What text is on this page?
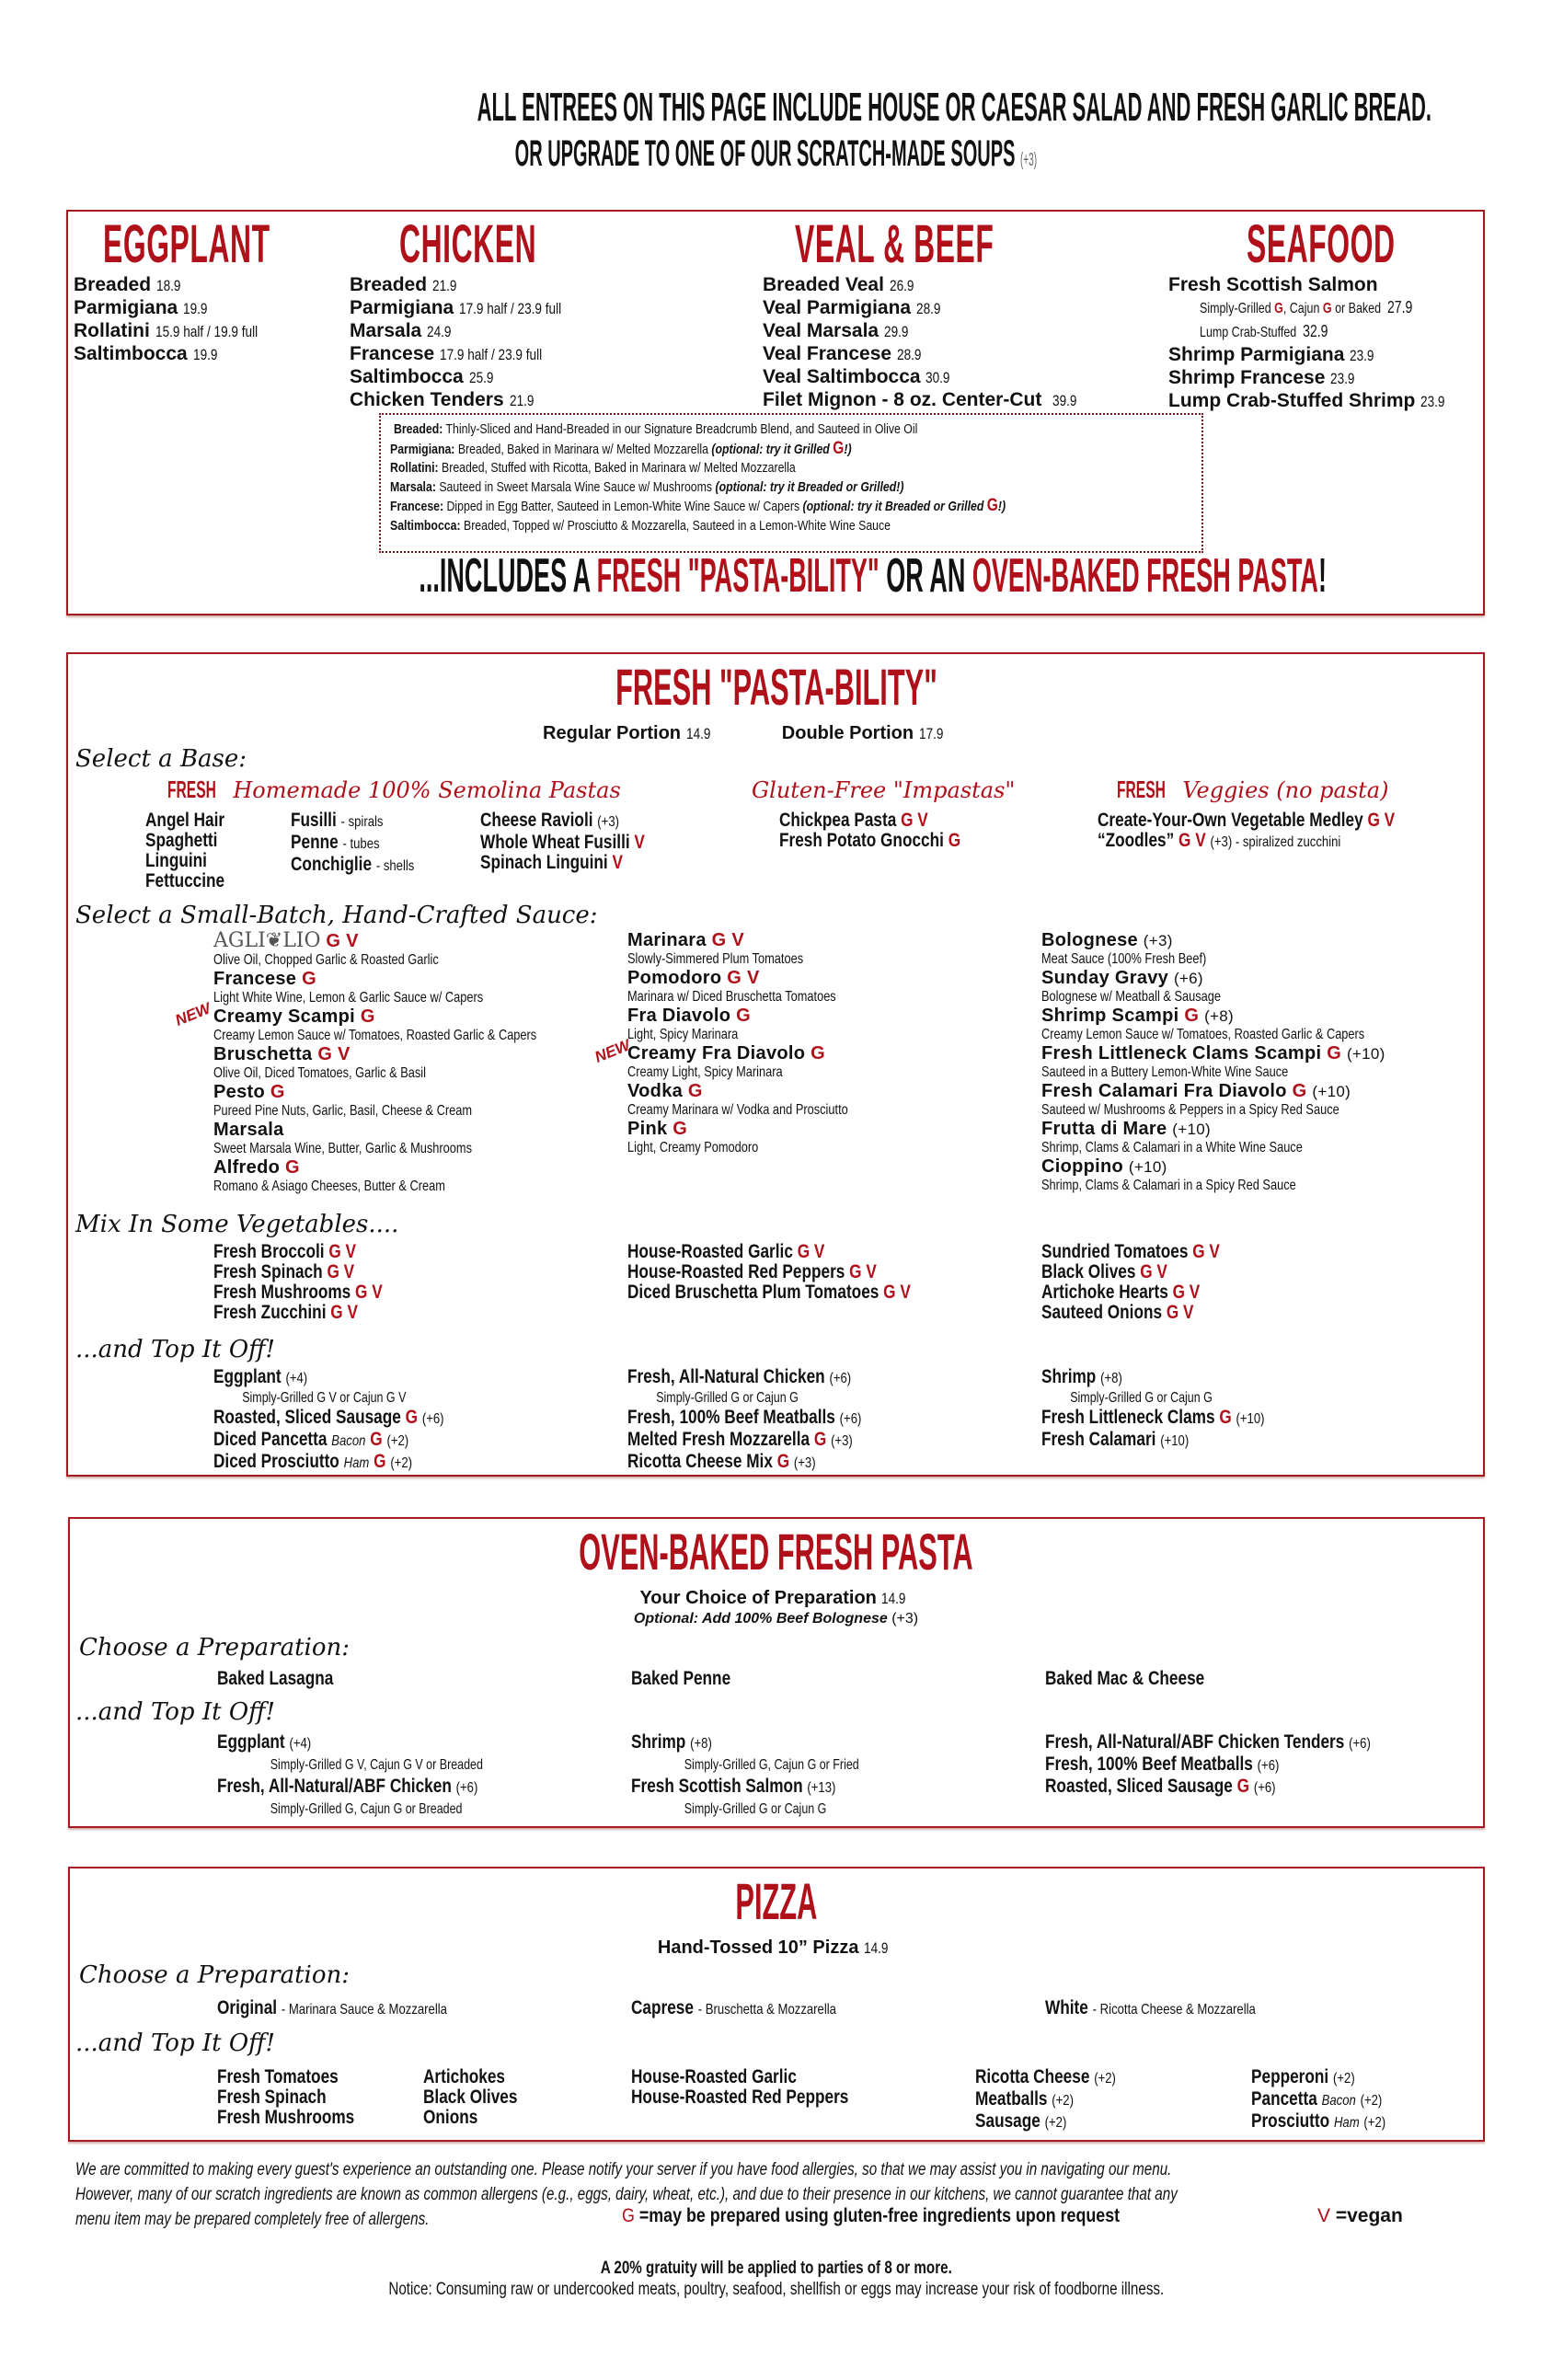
ALL ENTREES ON THIS PAGE INCLUDE HOUSE OR CAESAR SALAD AND FRESH GARLIC BREAD.
OR UPGRADE TO ONE OF OUR SCRATCH-MADE SOUPS (+3)
EGGPLANT	CHICKEN	VEAL & BEEF	SEAFOOD
Breaded 18.9
Parmigiana 19.9
Rollatini 15.9 half / 19.9 full
Saltimbocca 19.9
Breaded 21.9
Parmigiana 17.9 half / 23.9 full
Marsala 24.9
Francese 17.9 half / 23.9 full
Saltimbocca 25.9
Chicken Tenders 21.9
Breaded Veal 26.9
Veal Parmigiana 28.9
Veal Marsala 29.9
Veal Francese 28.9
Veal Saltimbocca 30.9
Filet Mignon - 8 oz. Center-Cut 39.9
Fresh Scottish Salmon
Simply-Grilled G, Cajun G or Baked 27.9
Lump Crab-Stuffed 32.9
Shrimp Parmigiana 23.9
Shrimp Francese 23.9
Lump Crab-Stuffed Shrimp 23.9
Breaded: Thinly-Sliced and Hand-Breaded in our Signature Breadcrumb Blend, and Sauteed in Olive Oil
Parmigiana: Breaded, Baked in Marinara w/ Melted Mozzarella (optional: try it Grilled G!)
Rollatini: Breaded, Stuffed with Ricotta, Baked in Marinara w/ Melted Mozzarella
Marsala: Sauteed in Sweet Marsala Wine Sauce w/ Mushrooms (optional: try it Breaded or Grilled!)
Francese: Dipped in Egg Batter, Sauteed in Lemon-White Wine Sauce w/ Capers (optional: try it Breaded or Grilled G!)
Saltimbocca: Breaded, Topped w/ Prosciutto & Mozzarella, Sauteed in a Lemon-White Wine Sauce
...INCLUDES A FRESH "PASTA-BILITY" OR AN OVEN-BAKED FRESH PASTA!
FRESH "PASTA-BILITY"
Regular Portion 14.9	Double Portion 17.9
Select a Base:
FRESH Homemade 100% Semolina Pastas	Gluten-Free "Impastas"	FRESH Veggies (no pasta)
Angel Hair
Spaghetti
Linguini
Fettuccine
Fusilli - spirals
Penne - tubes
Conchiglie - shells
Cheese Ravioli (+3)
Whole Wheat Fusilli V
Spinach Linguini V
Chickpea Pasta G V
Fresh Potato Gnocchi G
Create-Your-Own Vegetable Medley G V
“Zoodles” G V (+3) - spiralized zucchini
Select a Small-Batch, Hand-Crafted Sauce:
AGLI❦LIO G V
Olive Oil, Chopped Garlic & Roasted Garlic
Francese G
Light White Wine, Lemon & Garlic Sauce w/ Capers
NEW Creamy Scampi G
Creamy Lemon Sauce w/ Tomatoes, Roasted Garlic & Capers
Bruschetta G V
Olive Oil, Diced Tomatoes, Garlic & Basil
Pesto G
Pureed Pine Nuts, Garlic, Basil, Cheese & Cream
Marsala
Sweet Marsala Wine, Butter, Garlic & Mushrooms
Alfredo G
Romano & Asiago Cheeses, Butter & Cream
Marinara G V
Slowly-Simmered Plum Tomatoes
Pomodoro G V
Marinara w/ Diced Bruschetta Tomatoes
Fra Diavolo G
Light, Spicy Marinara
NEW
Creamy Fra Diavolo G
Creamy Light, Spicy Marinara
Vodka G
Creamy Marinara w/ Vodka and Prosciutto
Pink G
Light, Creamy Pomodoro
Bolognese (+3)
Meat Sauce (100% Fresh Beef)
Sunday Gravy (+6)
Bolognese w/ Meatball & Sausage
Shrimp Scampi G (+8)
Creamy Lemon Sauce w/ Tomatoes, Roasted Garlic & Capers
Fresh Littleneck Clams Scampi G (+10)
Sauteed in a Buttery Lemon-White Wine Sauce
Fresh Calamari Fra Diavolo G (+10)
Sauteed w/ Mushrooms & Peppers in a Spicy Red Sauce
Frutta di Mare (+10)
Shrimp, Clams & Calamari in a White Wine Sauce
Cioppino (+10)
Shrimp, Clams & Calamari in a Spicy Red Sauce
Mix In Some Vegetables....
Fresh Broccoli G V
Fresh Spinach G V
Fresh Mushrooms G V
Fresh Zucchini G V
House-Roasted Garlic G V
House-Roasted Red Peppers G V
Diced Bruschetta Plum Tomatoes G V
Sundried Tomatoes G V
Black Olives G V
Artichoke Hearts G V
Sauteed Onions G V
...and Top It Off!
Eggplant (+4)
Simply-Grilled G V or Cajun G V
Roasted, Sliced Sausage G (+6)
Diced Pancetta Bacon G (+2)
Diced Prosciutto Ham G (+2)
Fresh, All-Natural Chicken (+6)
Simply-Grilled G or Cajun G
Fresh, 100% Beef Meatballs (+6)
Melted Fresh Mozzarella G (+3)
Ricotta Cheese Mix G (+3)
Shrimp (+8)
Simply-Grilled G or Cajun G
Fresh Littleneck Clams G (+10)
Fresh Calamari (+10)
OVEN-BAKED FRESH PASTA
Your Choice of Preparation 14.9
Optional: Add 100% Beef Bolognese (+3)
Choose a Preparation:
Baked Lasagna	Baked Penne	Baked Mac & Cheese
...and Top It Off!
Eggplant (+4)
Simply-Grilled G V, Cajun G V or Breaded
Fresh, All-Natural/ABF Chicken (+6)
Simply-Grilled G, Cajun G or Breaded
Shrimp (+8)
Simply-Grilled G, Cajun G or Fried
Fresh Scottish Salmon (+13)
Simply-Grilled G or Cajun G
Fresh, All-Natural/ABF Chicken Tenders (+6)
Fresh, 100% Beef Meatballs (+6)
Roasted, Sliced Sausage G (+6)
PIZZA
Hand-Tossed 10” Pizza 14.9
Choose a Preparation:
Original - Marinara Sauce & Mozzarella	Caprese - Bruschetta & Mozzarella	White - Ricotta Cheese & Mozzarella
...and Top It Off!
Fresh Tomatoes
Fresh Spinach
Fresh Mushrooms
Artichokes
Black Olives
Onions
House-Roasted Garlic
House-Roasted Red Peppers
Ricotta Cheese (+2)
Meatballs (+2)
Sausage (+2)
Pepperoni (+2)
Pancetta Bacon (+2)
Prosciutto Ham (+2)
We are committed to making every guest's experience an outstanding one. Please notify your server if you have food allergies, so that we may assist you in navigating our menu.
However, many of our scratch ingredients are known as common allergens (e.g., eggs, dairy, wheat, etc.), and due to their presence in our kitchens, we cannot guarantee that any
menu item may be prepared completely free of allergens.	G =may be prepared using gluten-free ingredients upon request	V =vegan
A 20% gratuity will be applied to parties of 8 or more.
Notice: Consuming raw or undercooked meats, poultry, seafood, shellfish or eggs may increase your risk of foodborne illness.
